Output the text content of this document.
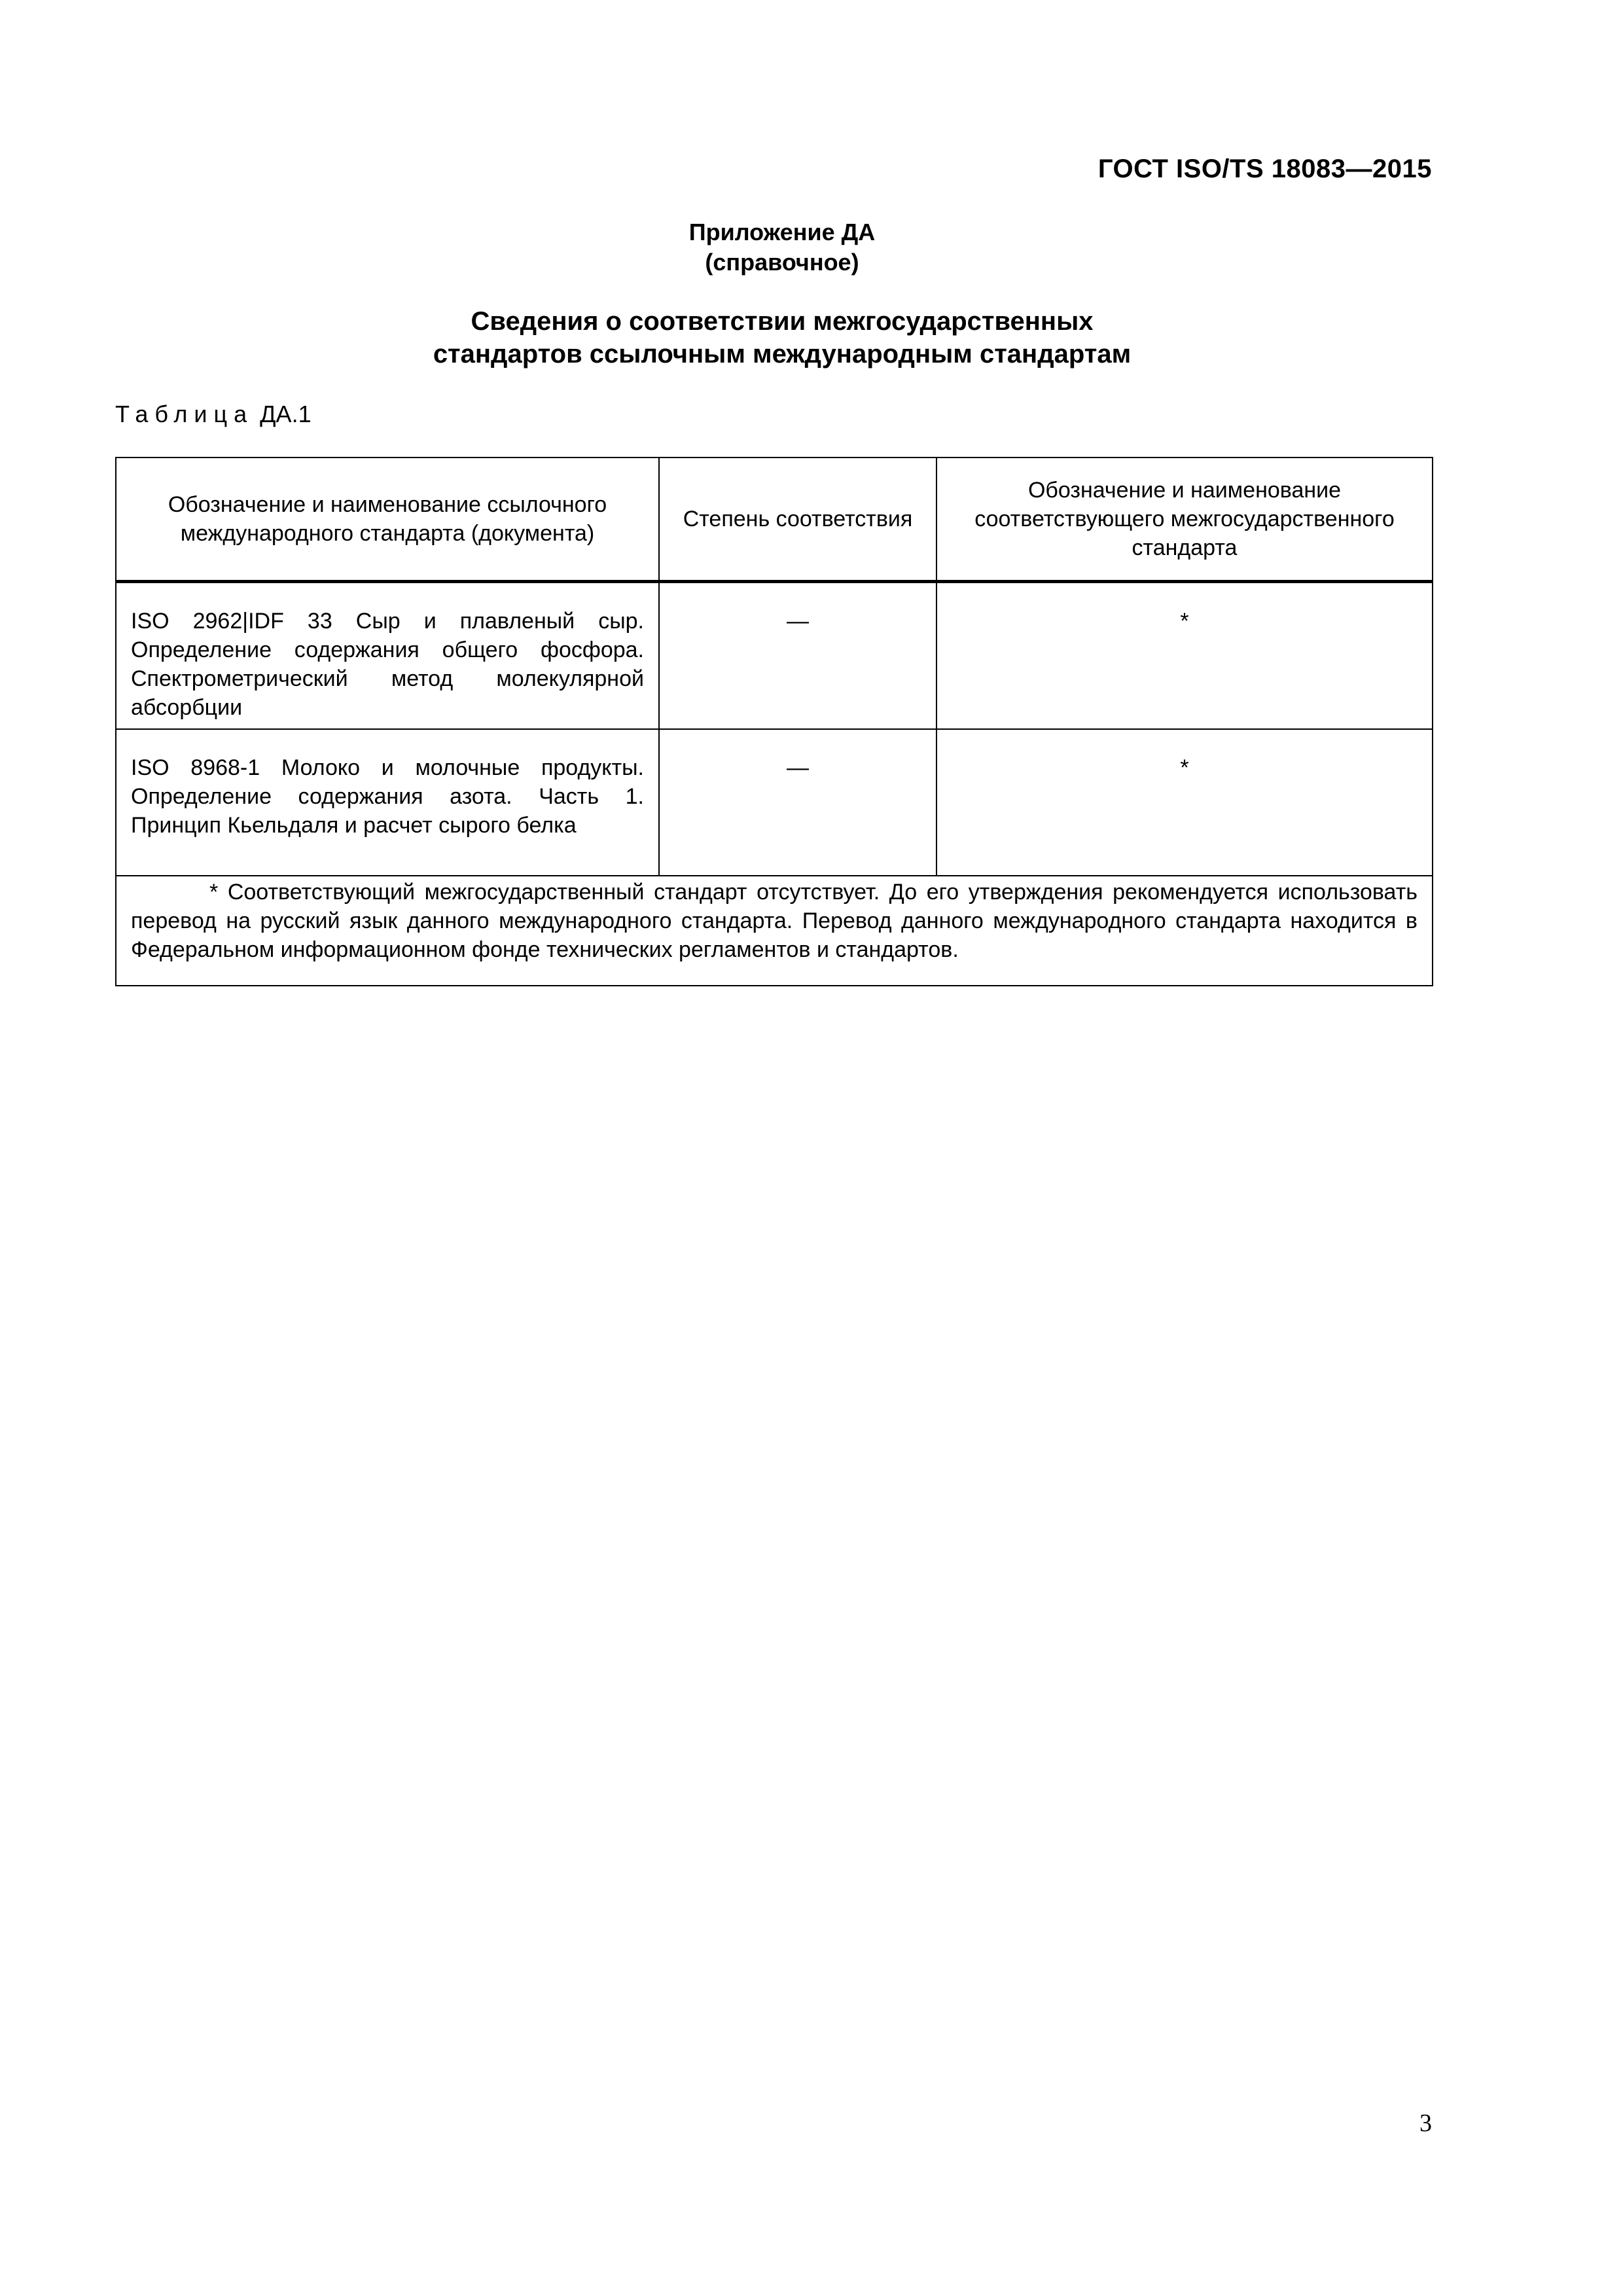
ГОСТ ISO/TS 18083—2015
Приложение ДА
(справочное)
Сведения о соответствии межгосударственных
стандартов ссылочным международным стандартам
Таблица ДА.1
Обозначение и наименование ссылочного международного стандарта (документа)	Степень соответствия	Обозначение и наименование соответствующего межгосударственного стандарта
ISO 2962|IDF 33 Сыр и плавленый сыр. Определение содержания общего фосфора. Спектрометрический метод молекулярной абсорбции	—	*
ISO 8968-1 Молоко и молочные продукты. Определение содержания азота. Часть 1. Принцип Кьельдаля и расчет сырого белка	—	*
* Соответствующий межгосударственный стандарт отсутствует. До его утверждения рекомендуется использовать перевод на русский язык данного международного стандарта. Перевод данного международного стандарта находится в Федеральном информационном фонде технических регламентов и стандартов.		
3
